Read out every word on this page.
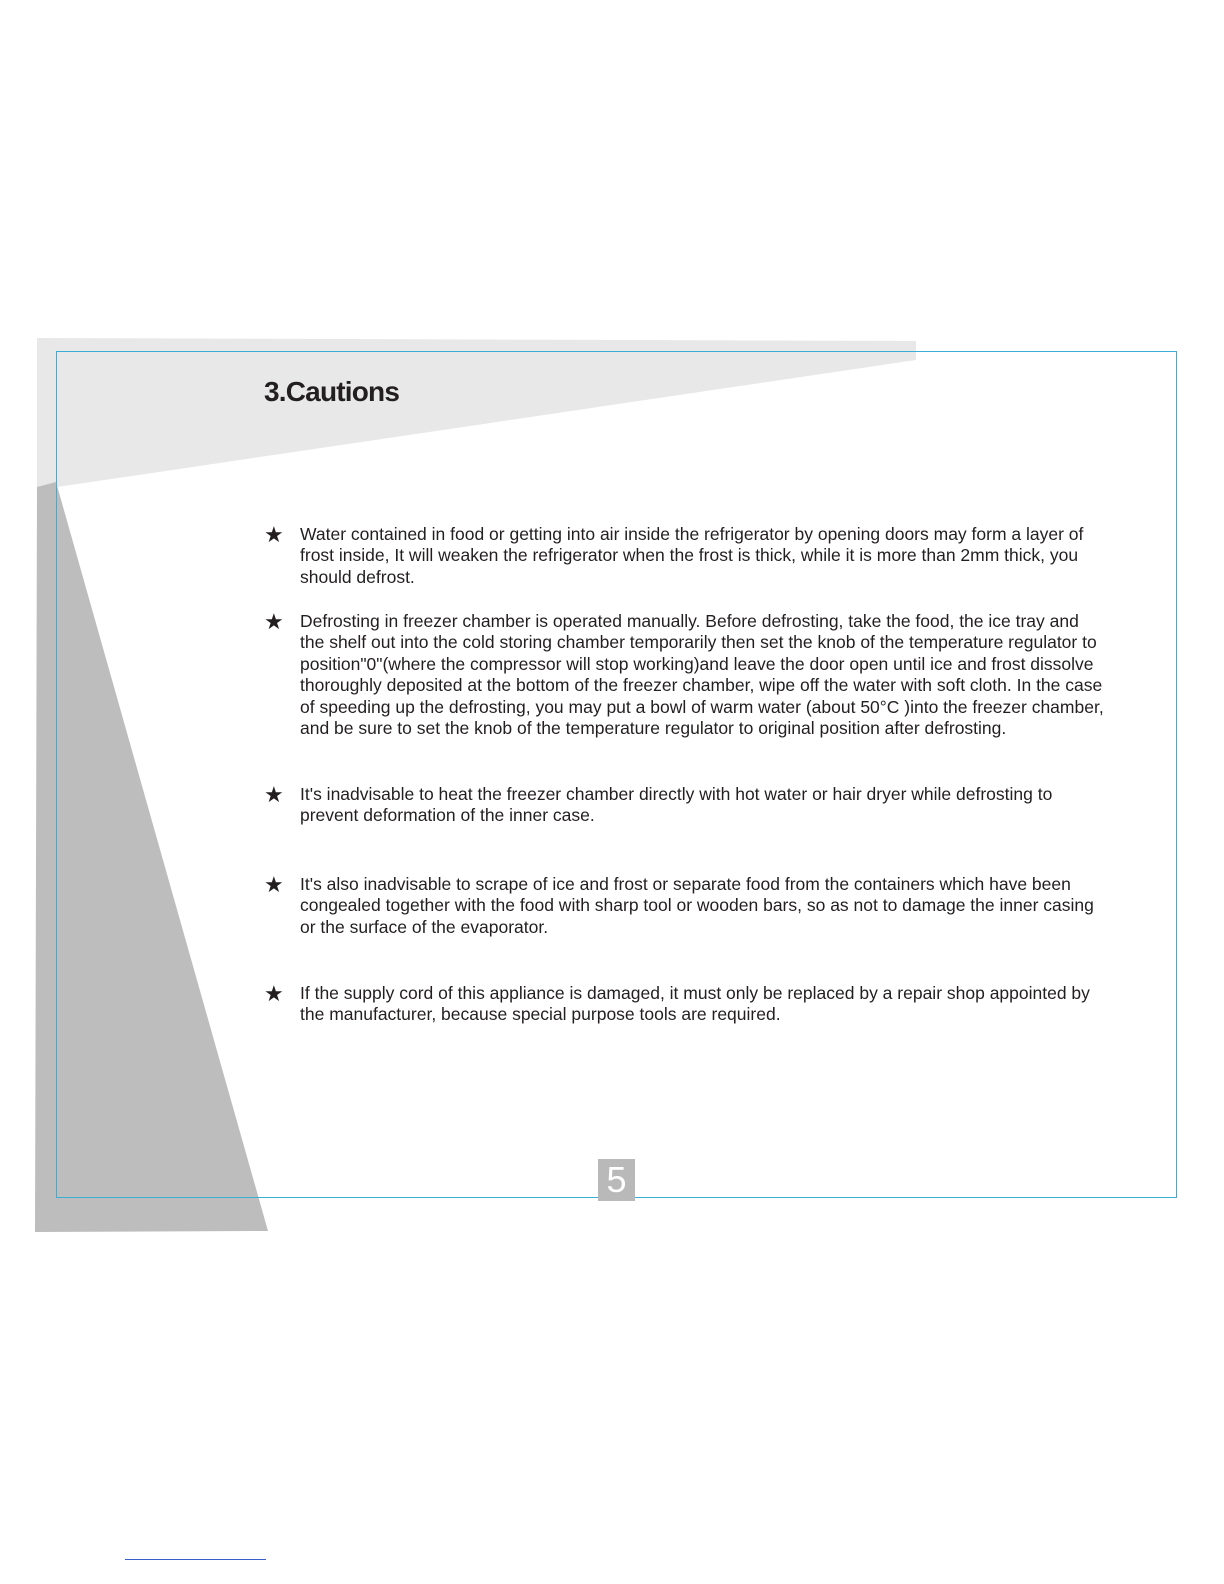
3.Cautions
★ Water contained in food or getting into air inside the refrigerator by opening doors may form a layer of frost inside, It will weaken the refrigerator when the frost is thick, while it is more than 2mm thick, you should defrost.

★ Defrosting in freezer chamber is operated manually. Before defrosting, take the food, the ice tray and the shelf out into the cold storing chamber temporarily then set the knob of the temperature regulator to position"0"(where the compressor will stop working)and leave the door open until ice and frost dissolve thoroughly deposited at the bottom of the freezer chamber, wipe off the water with soft cloth. In the case of speeding up the defrosting, you may put a bowl of warm water (about 50°C )into the freezer chamber, and be sure to set the knob of the temperature regulator to original position after defrosting.

★ It's inadvisable to heat the freezer chamber directly with hot water or hair dryer while defrosting to prevent deformation of the inner case.

★ It's also inadvisable to scrape of ice and frost or separate food from the containers which have been congealed together with the food with sharp tool or wooden bars, so as not to damage the inner casing or the surface of the evaporator.

★ If the supply cord of this appliance is damaged, it must only be replaced by a repair shop appointed by the manufacturer, because special purpose tools are required.

5
